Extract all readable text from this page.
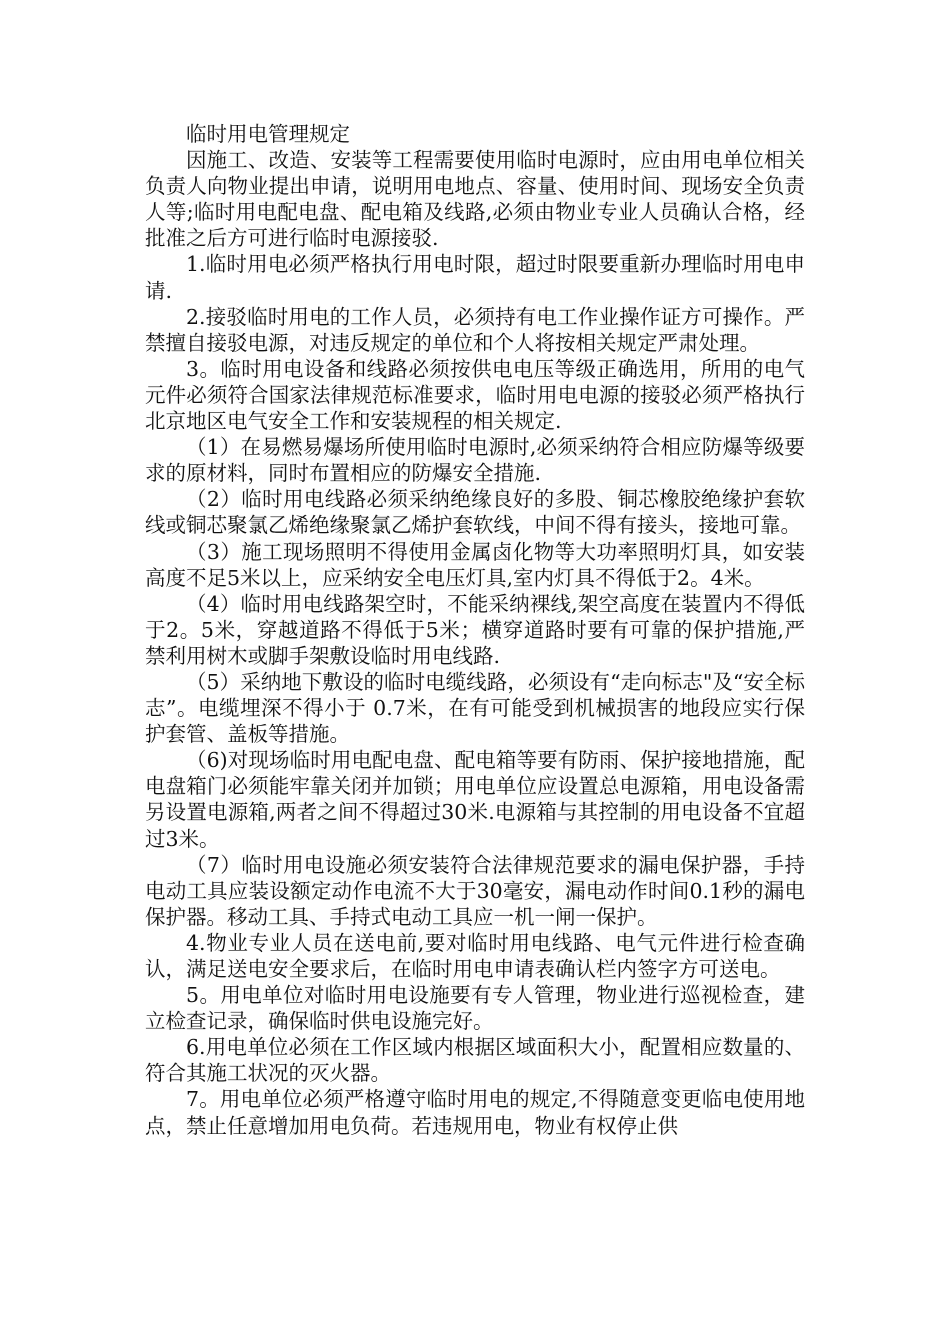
临时用电管理规定

因施工、改造、安装等工程需要使用临时电源时，应由用电单位相关负责人向物业提出申请，说明用电地点、容量、使用时间、现场安全负责人等;临时用电配电盘、配电箱及线路,必须由物业专业人员确认合格，经批准之后方可进行临时电源接驳.

1.临时用电必须严格执行用电时限，超过时限要重新办理临时用电申请.

2.接驳临时用电的工作人员，必须持有电工作业操作证方可操作。严禁擅自接驳电源，对违反规定的单位和个人将按相关规定严肃处理。

3。临时用电设备和线路必须按供电电压等级正确选用，所用的电气元件必须符合国家法律规范标准要求，临时用电电源的接驳必须严格执行北京地区电气安全工作和安装规程的相关规定.

（1）在易燃易爆场所使用临时电源时,必须采纳符合相应防爆等级要求的原材料，同时布置相应的防爆安全措施.

（2）临时用电线路必须采纳绝缘良好的多股、铜芯橡胶绝缘护套软线或铜芯聚氯乙烯绝缘聚氯乙烯护套软线，中间不得有接头，接地可靠。

（3）施工现场照明不得使用金属卤化物等大功率照明灯具，如安装高度不足5米以上，应采纳安全电压灯具,室内灯具不得低于2。4米。

（4）临时用电线路架空时，不能采纳裸线,架空高度在装置内不得低于2。5米，穿越道路不得低于5米；横穿道路时要有可靠的保护措施,严禁利用树木或脚手架敷设临时用电线路.

（5）采纳地下敷设的临时电缆线路，必须设有“走向标志"及“安全标志”。电缆埋深不得小于 0.7米，在有可能受到机械损害的地段应实行保护套管、盖板等措施。

（6)对现场临时用电配电盘、配电箱等要有防雨、保护接地措施，配电盘箱门必须能牢靠关闭并加锁；用电单位应设置总电源箱，用电设备需另设置电源箱,两者之间不得超过30米.电源箱与其控制的用电设备不宜超过3米。

（7）临时用电设施必须安装符合法律规范要求的漏电保护器，手持电动工具应装设额定动作电流不大于30毫安，漏电动作时间0.1秒的漏电保护器。移动工具、手持式电动工具应一机一闸一保护。

4.物业专业人员在送电前,要对临时用电线路、电气元件进行检查确认，满足送电安全要求后，在临时用电申请表确认栏内签字方可送电。

5。用电单位对临时用电设施要有专人管理，物业进行巡视检查，建立检查记录，确保临时供电设施完好。

6.用电单位必须在工作区域内根据区域面积大小，配置相应数量的、符合其施工状况的灭火器。

7。用电单位必须严格遵守临时用电的规定,不得随意变更临电使用地点，禁止任意增加用电负荷。若违规用电，物业有权停止供
